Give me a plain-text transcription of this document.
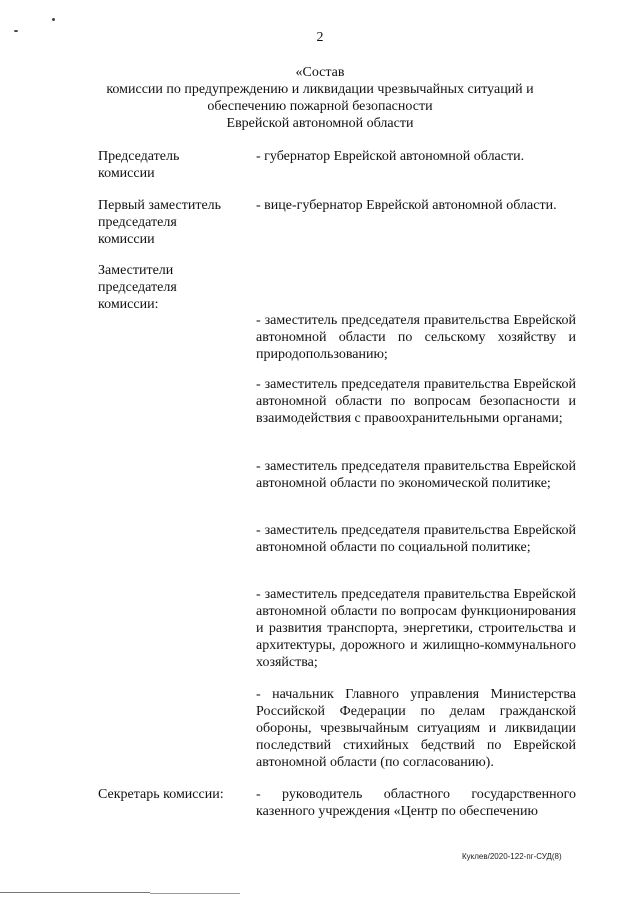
2
«Состав
комиссии по предупреждению и ликвидации чрезвычайных ситуаций и
обеспечению пожарной безопасности
Еврейской автономной области
Председатель
комиссии
- губернатор Еврейской автономной области.
Первый заместитель
председателя
комиссии
- вице-губернатор Еврейской автономной области.
Заместители
председателя
комиссии:
- заместитель председателя правительства Еврейской автономной области по сельскому хозяйству и природопользованию;
- заместитель председателя правительства Еврейской автономной области по вопросам безопасности и взаимодействия с правоохранительными органами;
- заместитель председателя правительства Еврейской автономной области по экономической политике;
- заместитель председателя правительства Еврейской автономной области по социальной политике;
- заместитель председателя правительства Еврейской автономной области по вопросам функционирования и развития транспорта, энергетики, строительства и архитектуры, дорожного и жилищно-коммунального хозяйства;
- начальник Главного управления Министерства Российской Федерации по делам гражданской обороны, чрезвычайным ситуациям и ликвидации последствий стихийных бедствий по Еврейской автономной области (по согласованию).
Секретарь комиссии:	- руководитель областного государственного казенного учреждения «Центр по обеспечению
Куклев/2020-122-пг-СУД(8)
